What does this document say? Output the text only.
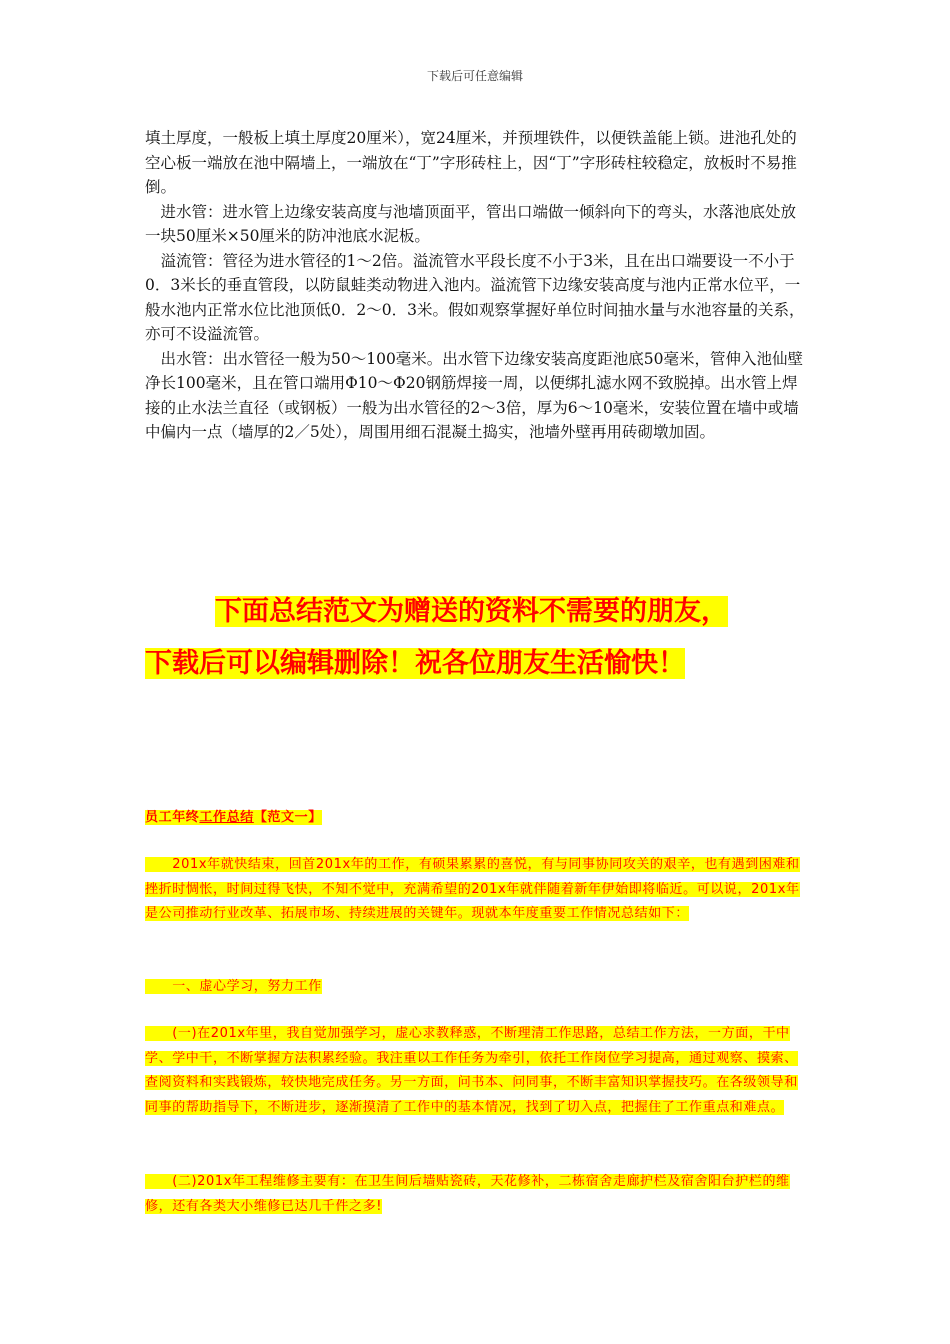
下载后可任意编辑

填土厚度，一般板上填土厚度20厘米），宽24厘米，并预埋铁件，以便铁盖能上锁。进池孔处的空心板一端放在池中隔墙上，一端放在“丁”字形砖柱上，因“丁”字形砖柱较稳定，放板时不易推倒。

　进水管：进水管上边缘安装高度与池墙顶面平，管出口端做一倾斜向下的弯头，水落池底处放一块50厘米×50厘米的防冲池底水泥板。

　溢流管：管径为进水管径的1～2倍。溢流管水平段长度不小于3米，且在出口端要设一不小于0．3米长的垂直管段，以防鼠蛙类动物进入池内。溢流管下边缘安装高度与池内正常水位平，一般水池内正常水位比池顶低0．2～0．3米。假如观察掌握好单位时间抽水量与水池容量的关系，亦可不设溢流管。

　出水管：出水管径一般为50～100毫米。出水管下边缘安装高度距池底50毫米，管伸入池仙壁净长100毫米，且在管口端用Φ10～Φ20钢筋焊接一周，以便绑扎滤水网不致脱掉。出水管上焊接的止水法兰直径（或钢板）一般为出水管径的2～3倍，厚为6～10毫米，安装位置在墙中或墙中偏内一点（墙厚的2／5处），周围用细石混凝土捣实，池墙外壁再用砖砌墩加固。

下面总结范文为赠送的资料不需要的朋友，
下载后可以编辑删除！祝各位朋友生活愉快！
员工年终工作总结【范文一】

　　201x年就快结束，回首201x年的工作，有硕果累累的喜悦，有与同事协同攻关的艰辛，也有遇到困难和挫折时惆怅，时间过得飞快，不知不觉中，充满希望的201x年就伴随着新年伊始即将临近。可以说，201x年是公司推动行业改革、拓展市场、持续进展的关键年。现就本年度重要工作情况总结如下：

　　一、虚心学习，努力工作

　　(一)在201x年里，我自觉加强学习，虚心求教释惑，不断理清工作思路，总结工作方法，一方面，干中学、学中干，不断掌握方法积累经验。我注重以工作任务为牵引，依托工作岗位学习提高，通过观察、摸索、查阅资料和实践锻炼，较快地完成任务。另一方面，问书本、问同事，不断丰富知识掌握技巧。在各级领导和同事的帮助指导下，不断进步，逐渐摸清了工作中的基本情况，找到了切入点，把握住了工作重点和难点。

　　(二)201x年工程维修主要有：在卫生间后墙贴瓷砖，天花修补，二栋宿舍走廊护栏及宿舍阳台护栏的维修，还有各类大小维修已达几千件之多!
